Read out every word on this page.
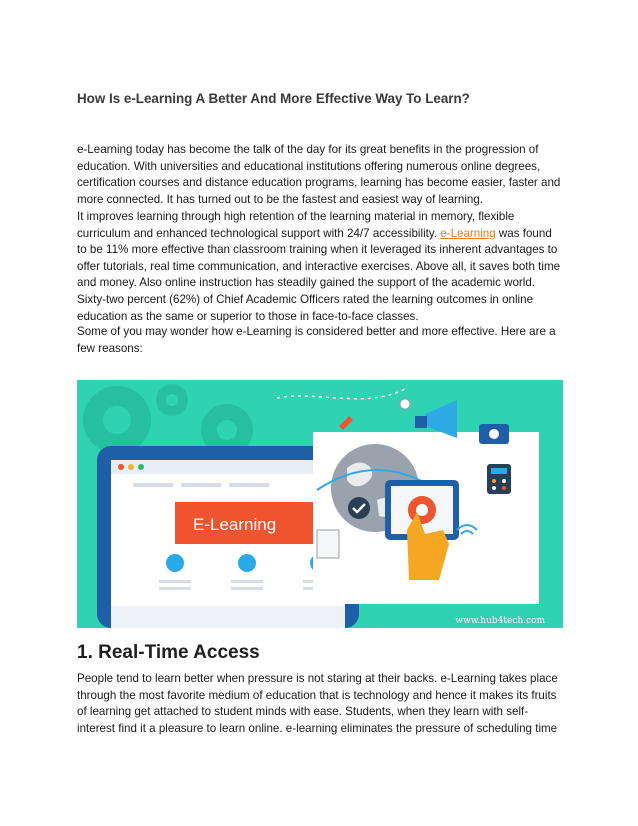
How Is e-Learning A Better And More Effective Way To Learn?

e-Learning today has become the talk of the day for its great benefits in the progression of education. With universities and educational institutions offering numerous online degrees, certification courses and distance education programs, learning has become easier, faster and more connected. It has turned out to be the fastest and easiest way of learning.

It improves learning through high retention of the learning material in memory, flexible curriculum and enhanced technological support with 24/7 accessibility. e-Learning was found to be 11% more effective than classroom training when it leveraged its inherent advantages to offer tutorials, real time communication, and interactive exercises. Above all, it saves both time and money. Also online instruction has steadily gained the support of the academic world. Sixty-two percent (62%) of Chief Academic Officers rated the learning outcomes in online education as the same or superior to those in face-to-face classes.

Some of you may wonder how e-Learning is considered better and more effective. Here are a few reasons:

E-Learning
www.hub4tech.com
1. Real-Time Access

People tend to learn better when pressure is not staring at their backs. e-Learning takes place through the most favorite medium of education that is technology and hence it makes its fruits of learning get attached to student minds with ease. Students, when they learn with self-interest find it a pleasure to learn online. e-learning eliminates the pressure of scheduling time
